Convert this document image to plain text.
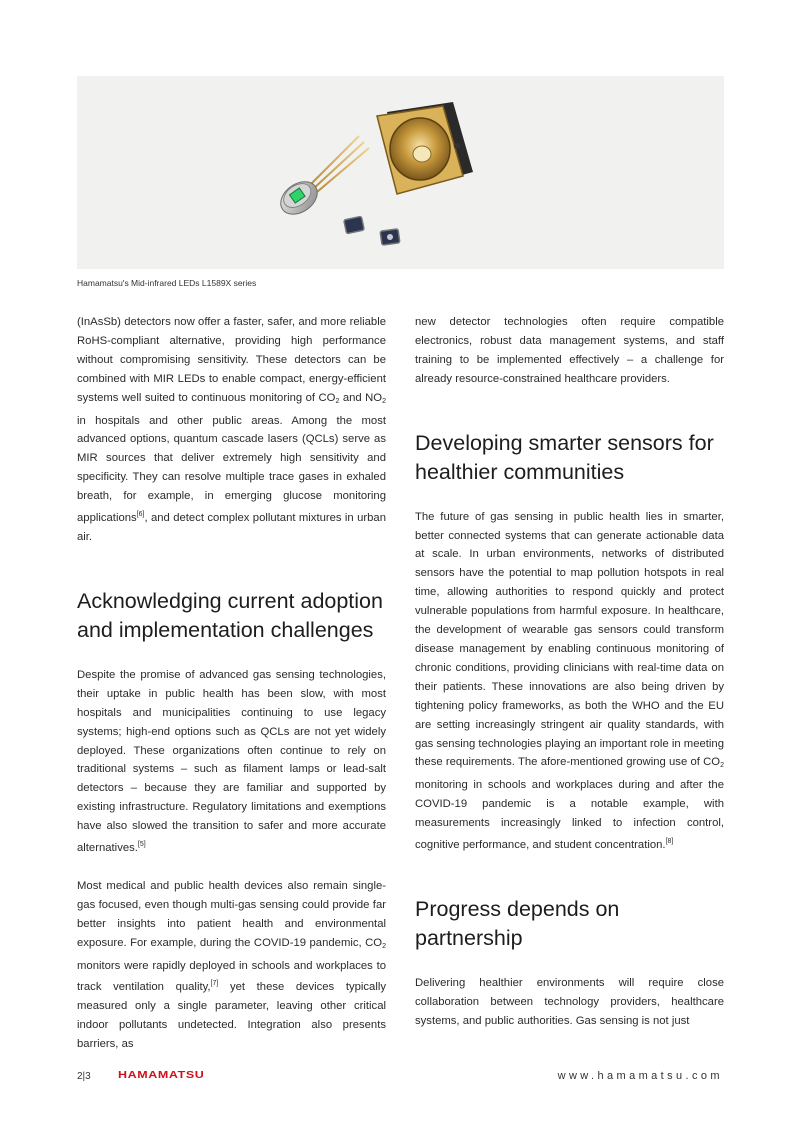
Hamamatsu's Mid-infrared LEDs L1589X series

(InAsSb) detectors now offer a faster, safer, and more reliable RoHS-compliant alternative, providing high performance without compromising sensitivity. These detectors can be combined with MIR LEDs to enable compact, energy-efficient systems well suited to continuous monitoring of $CO_2$ and $NO_2$ in hospitals and other public areas. Among the most advanced options, quantum cascade lasers (QCLs) serve as MIR sources that deliver extremely high sensitivity and specificity. They can resolve multiple trace gases in exhaled breath, for example, in emerging glucose monitoring applications[6], and detect complex pollutant mixtures in urban air.

Acknowledging current adoption and implementation challenges

Despite the promise of advanced gas sensing technologies, their uptake in public health has been slow, with most hospitals and municipalities continuing to use legacy systems; high-end options such as QCLs are not yet widely deployed. These organizations often continue to rely on traditional systems – such as filament lamps or lead-salt detectors – because they are familiar and supported by existing infrastructure. Regulatory limitations and exemptions have also slowed the transition to safer and more accurate alternatives.[5]

Most medical and public health devices also remain single-gas focused, even though multi-gas sensing could provide far better insights into patient health and environmental exposure. For example, during the COVID-19 pandemic, $CO_2$ monitors were rapidly deployed in schools and workplaces to track ventilation quality,[7] yet these devices typically measured only a single parameter, leaving other critical indoor pollutants undetected. Integration also presents barriers, as

new detector technologies often require compatible electronics, robust data management systems, and staff training to be implemented effectively – a challenge for already resource-constrained healthcare providers.

Developing smarter sensors for healthier communities

The future of gas sensing in public health lies in smarter, better connected systems that can generate actionable data at scale. In urban environments, networks of distributed sensors have the potential to map pollution hotspots in real time, allowing authorities to respond quickly and protect vulnerable populations from harmful exposure. In healthcare, the development of wearable gas sensors could transform disease management by enabling continuous monitoring of chronic conditions, providing clinicians with real-time data on their patients. These innovations are also being driven by tightening policy frameworks, as both the WHO and the EU are setting increasingly stringent air quality standards, with gas sensing technologies playing an important role in meeting these requirements. The afore-mentioned growing use of $CO_2$ monitoring in schools and workplaces during and after the COVID-19 pandemic is a notable example, with measurements increasingly linked to infection control, cognitive performance, and student concentration.[8]

Progress depends on partnership

Delivering healthier environments will require close collaboration between technology providers, healthcare systems, and public authorities. Gas sensing is not just

2|3 HAMAMATSU	www.hamamatsu.com
